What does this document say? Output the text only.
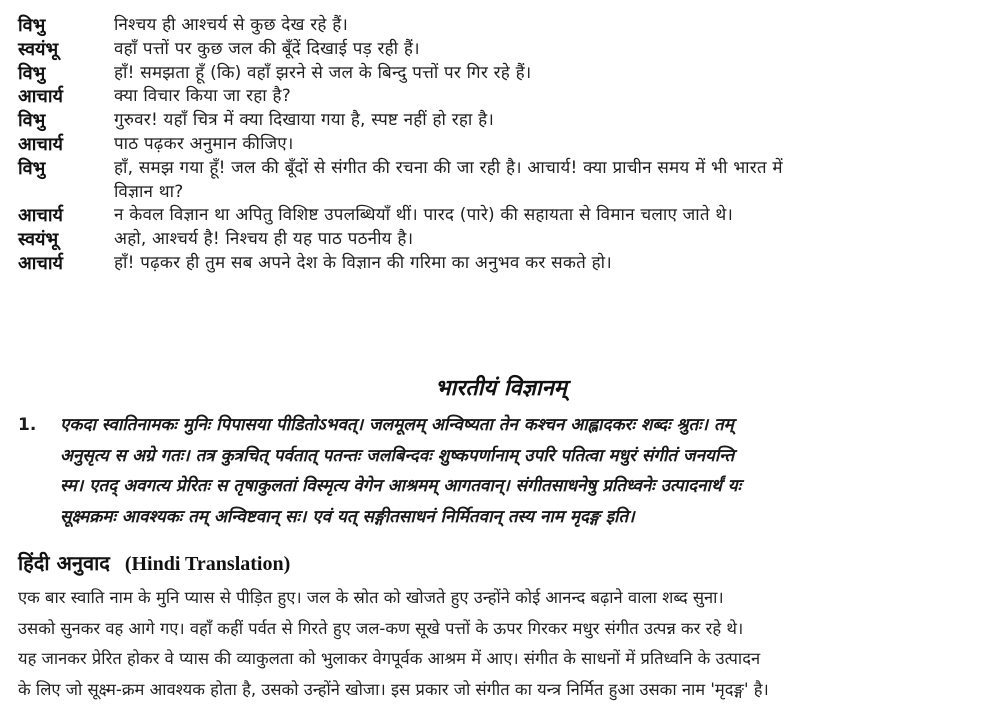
विभु	निश्चय ही आश्चर्य से कुछ देख रहे हैं।
स्वयंभू	वहाँ पत्तों पर कुछ जल की बूँदें दिखाई पड़ रही हैं।
विभु	हाँ! समझता हूँ (कि) वहाँ झरने से जल के बिन्दु पत्तों पर गिर रहे हैं।
आचार्य	क्या विचार किया जा रहा है?
विभु	गुरुवर! यहाँ चित्र में क्या दिखाया गया है, स्पष्ट नहीं हो रहा है।
आचार्य	पाठ पढ़कर अनुमान कीजिए।
विभु	हाँ, समझ गया हूँ! जल की बूँदों से संगीत की रचना की जा रही है। आचार्य! क्या प्राचीन समय में भी भारत में
विज्ञान था?
आचार्य	न केवल विज्ञान था अपितु विशिष्ट उपलब्धियाँ थीं। पारद (पारे) की सहायता से विमान चलाए जाते थे।
स्वयंभू	अहो, आश्चर्य है! निश्चय ही यह पाठ पठनीय है।
आचार्य	हाँ! पढ़कर ही तुम सब अपने देश के विज्ञान की गरिमा का अनुभव कर सकते हो।
भारतीयं विज्ञानम्
1.	एकदा स्वातिनामकः मुनिः पिपासया पीडितोऽभवत्। जलमूलम् अन्विष्यता तेन कश्चन आह्लादकरः शब्दः श्रुतः। तम्
अनुसृत्य स अग्रे गतः। तत्र कुत्रचित् पर्वतात् पतन्तः जलबिन्दवः शुष्कपर्णानाम् उपरि पतित्वा मधुरं संगीतं जनयन्ति
स्म। एतद् अवगत्य प्रेरितः स तृषाकुलतां विस्मृत्य वेगेन आश्रमम् आगतवान्। संगीतसाधनेषु प्रतिध्वनेः उत्पादनार्थं यः
सूक्ष्मक्रमः आवश्यकः तम् अन्विष्टवान् सः। एवं यत् सङ्गीतसाधनं निर्मितवान् तस्य नाम मृदङ्ग इति।
हिंदी अनुवाद (Hindi Translation)
एक बार स्वाति नाम के मुनि प्यास से पीड़ित हुए। जल के स्रोत को खोजते हुए उन्होंने कोई आनन्द बढ़ाने वाला शब्द सुना।
उसको सुनकर वह आगे गए। वहाँ कहीं पर्वत से गिरते हुए जल-कण सूखे पत्तों के ऊपर गिरकर मधुर संगीत उत्पन्न कर रहे थे।
यह जानकर प्रेरित होकर वे प्यास की व्याकुलता को भुलाकर वेगपूर्वक आश्रम में आए। संगीत के साधनों में प्रतिध्वनि के उत्पादन
के लिए जो सूक्ष्म-क्रम आवश्यक होता है, उसको उन्होंने खोजा। इस प्रकार जो संगीत का यन्त्र निर्मित हुआ उसका नाम 'मृदङ्ग' है।
